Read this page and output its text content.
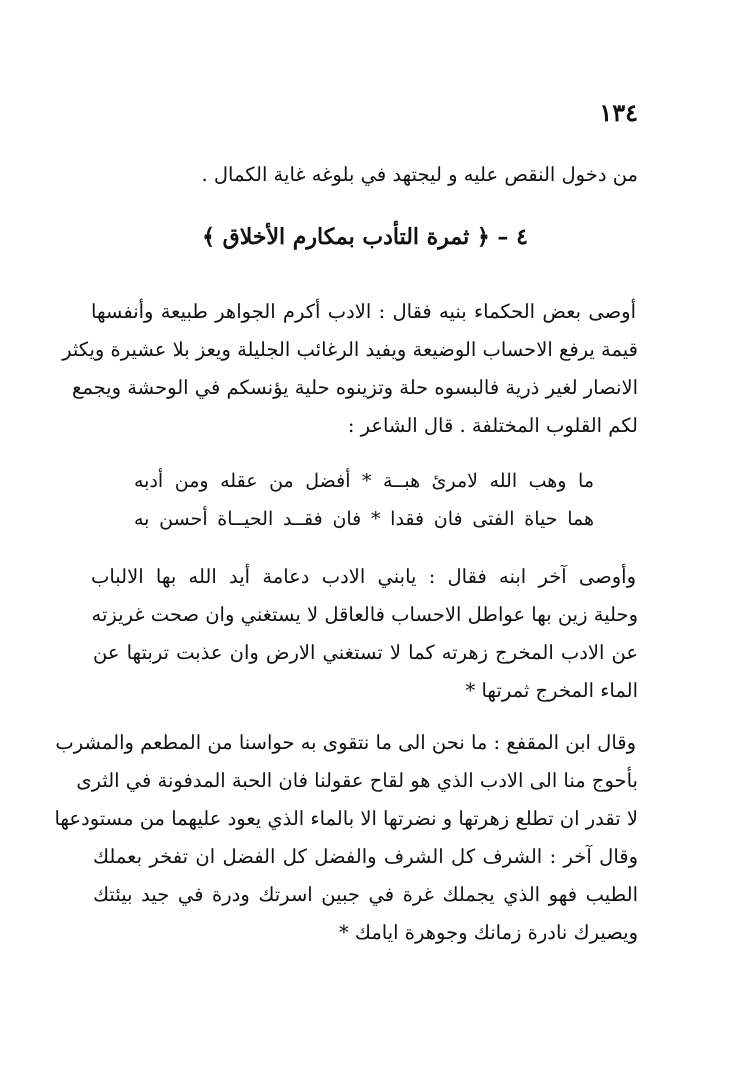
١٣٤
من دخول النقص عليه و ليجتهد في بلوغه غاية الكمال .
٤ – ﴿ ثمرة التأدب بمكارم الأخلاق ﴾
أوصى بعض الحكماء بنيه فقال : الادب أكرم الجواهر طبيعة وأنفسها
قيمة يرفع الاحساب الوضيعة ويفيد الرغائب الجليلة ويعز بلا عشيرة ويكثر
الانصار لغير ذرية فالبسوه حلة وتزينوه حلية يؤنسكم في الوحشة ويجمع
لكم القلوب المختلفة . قال الشاعر :
ما وهب الله لامرئ هبــة * أفضل من عقله ومن أدبه
هما حياة الفتى فان فقدا * فان فقــد الحيــاة أحسن به
وأوصى آخر ابنه فقال : يابني الادب دعامة أيد الله بها الالباب
وحلية زين بها عواطل الاحساب فالعاقل لا يستغني وان صحت غريزته
عن الادب المخرج زهرته كما لا تستغني الارض وان عذبت تربتها عن
الماء المخرج ثمرتها *
وقال ابن المقفع : ما نحن الى ما نتقوى به حواسنا من المطعم والمشرب
بأحوج منا الى الادب الذي هو لقاح عقولنا فان الحبة المدفونة في الثرى
لا تقدر ان تطلع زهرتها و نضرتها الا بالماء الذي يعود عليهما من مستودعها
وقال آخر : الشرف كل الشرف والفضل كل الفضل ان تفخر بعملك
الطيب فهو الذي يجملك غرة في جبين اسرتك ودرة في جيد بيئتك
ويصيرك نادرة زمانك وجوهرة ايامك *
